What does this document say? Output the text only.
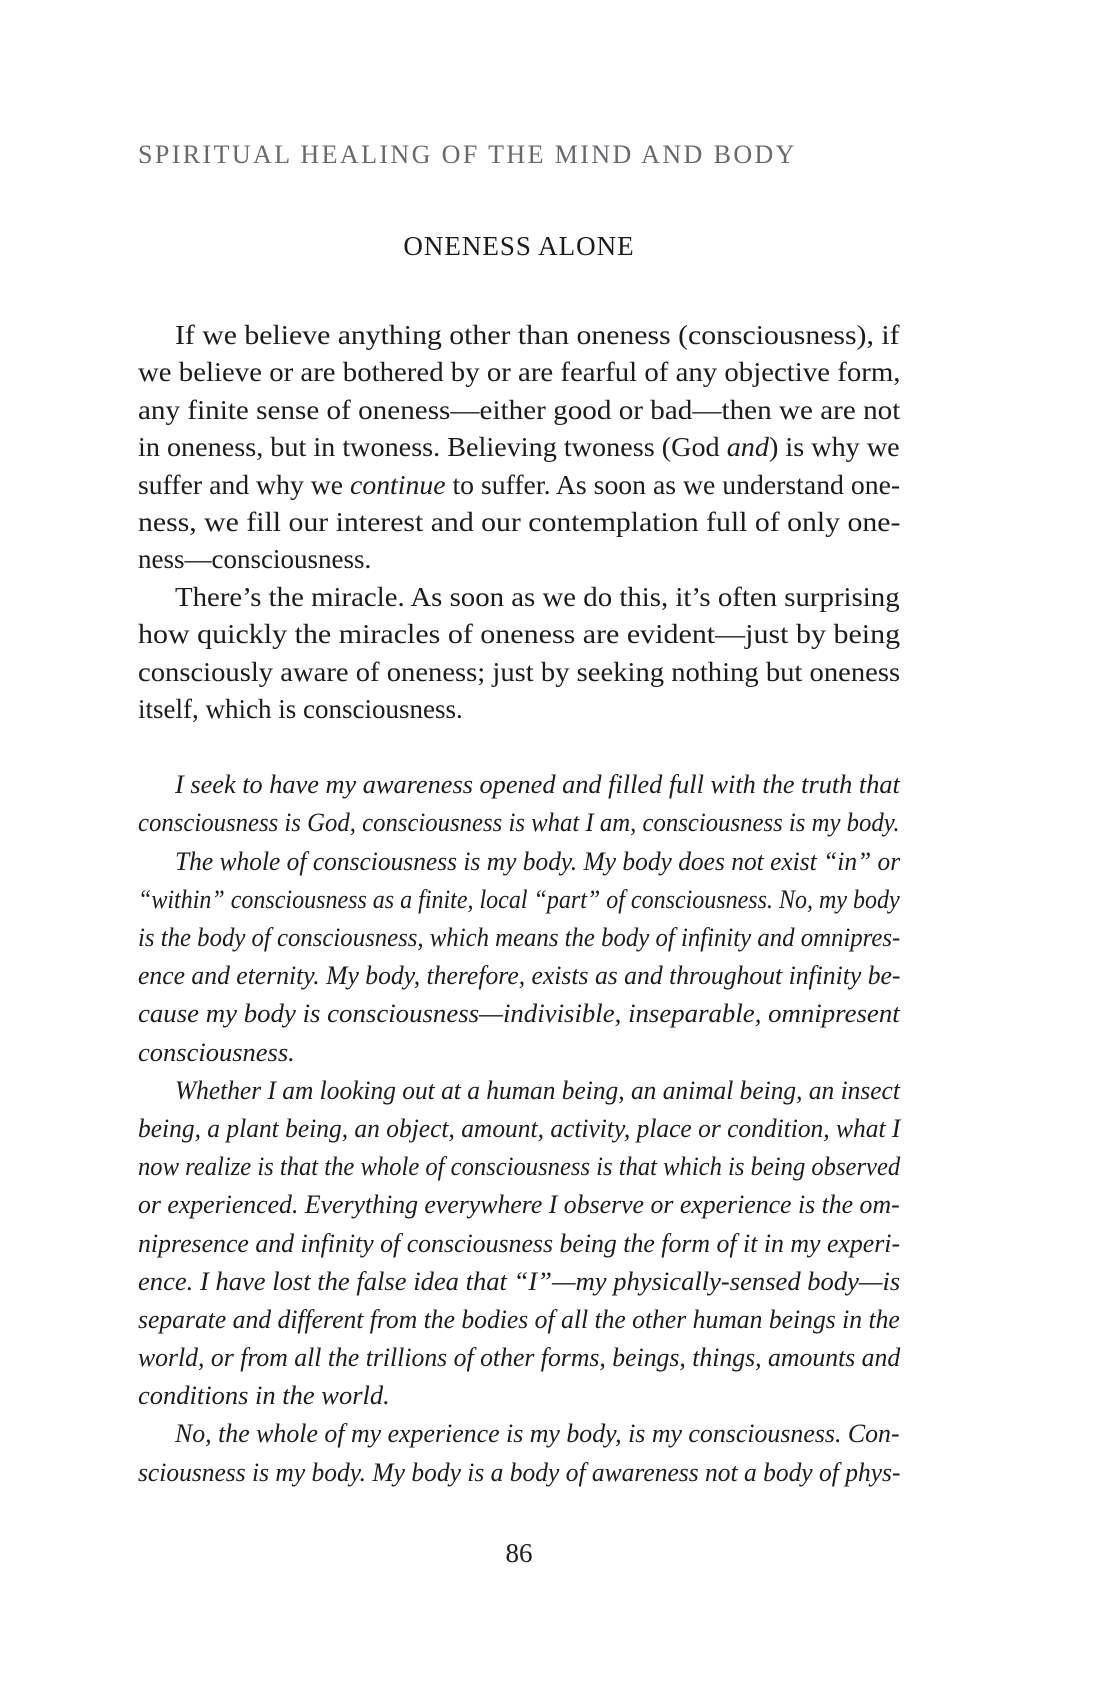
SPIRITUAL HEALING OF THE MIND AND BODY
ONENESS ALONE
If we believe anything other than oneness (consciousness), if
we believe or are bothered by or are fearful of any objective form,
any finite sense of oneness—either good or bad—then we are not
in oneness, but in twoness. Believing twoness (God and) is why we
suffer and why we continue to suffer. As soon as we understand one-
ness, we fill our interest and our contemplation full of only one-
ness—consciousness.
There’s the miracle. As soon as we do this, it’s often surprising
how quickly the miracles of oneness are evident—just by being
consciously aware of oneness; just by seeking nothing but oneness
itself, which is consciousness.
I seek to have my awareness opened and filled full with the truth that
consciousness is God, consciousness is what I am, consciousness is my body.
The whole of consciousness is my body. My body does not exist “in” or
“within” consciousness as a finite, local “part” of consciousness. No, my body
is the body of consciousness, which means the body of infinity and omnipres-
ence and eternity. My body, therefore, exists as and throughout infinity be-
cause my body is consciousness—indivisible, inseparable, omnipresent
consciousness.
Whether I am looking out at a human being, an animal being, an insect
being, a plant being, an object, amount, activity, place or condition, what I
now realize is that the whole of consciousness is that which is being observed
or experienced. Everything everywhere I observe or experience is the om-
nipresence and infinity of consciousness being the form of it in my experi-
ence. I have lost the false idea that “I”—my physically-sensed body—is
separate and different from the bodies of all the other human beings in the
world, or from all the trillions of other forms, beings, things, amounts and
conditions in the world.
No, the whole of my experience is my body, is my consciousness. Con-
sciousness is my body. My body is a body of awareness not a body of phys-
86
